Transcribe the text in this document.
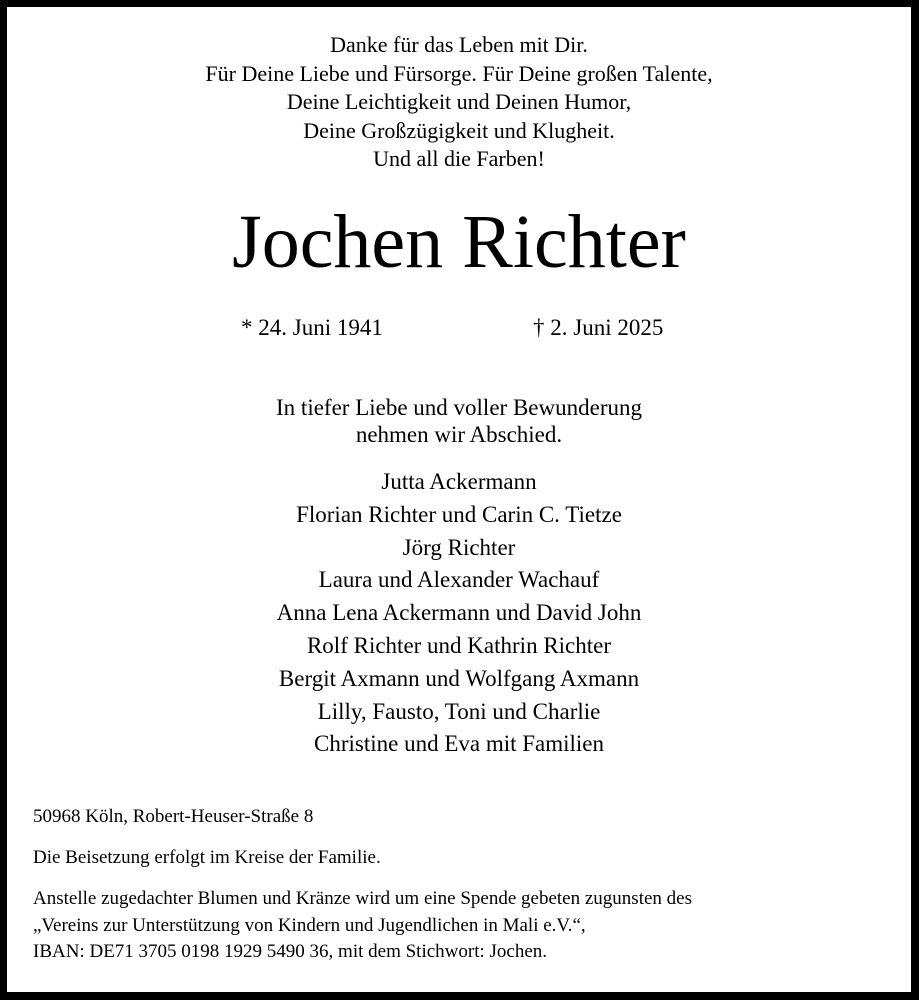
Danke für das Leben mit Dir.
Für Deine Liebe und Fürsorge. Für Deine großen Talente,
Deine Leichtigkeit und Deinen Humor,
Deine Großzügigkeit und Klugheit.
Und all die Farben!
Jochen Richter
* 24. Juni 1941	† 2. Juni 2025
In tiefer Liebe und voller Bewunderung
nehmen wir Abschied.
Jutta Ackermann
Florian Richter und Carin C. Tietze
Jörg Richter
Laura und Alexander Wachauf
Anna Lena Ackermann und David John
Rolf Richter und Kathrin Richter
Bergit Axmann und Wolfgang Axmann
Lilly, Fausto, Toni und Charlie
Christine und Eva mit Familien
50968 Köln, Robert-Heuser-Straße 8
Die Beisetzung erfolgt im Kreise der Familie.
Anstelle zugedachter Blumen und Kränze wird um eine Spende gebeten zugunsten des
„Vereins zur Unterstützung von Kindern und Jugendlichen in Mali e.V.“,
IBAN: DE71 3705 0198 1929 5490 36, mit dem Stichwort: Jochen.
